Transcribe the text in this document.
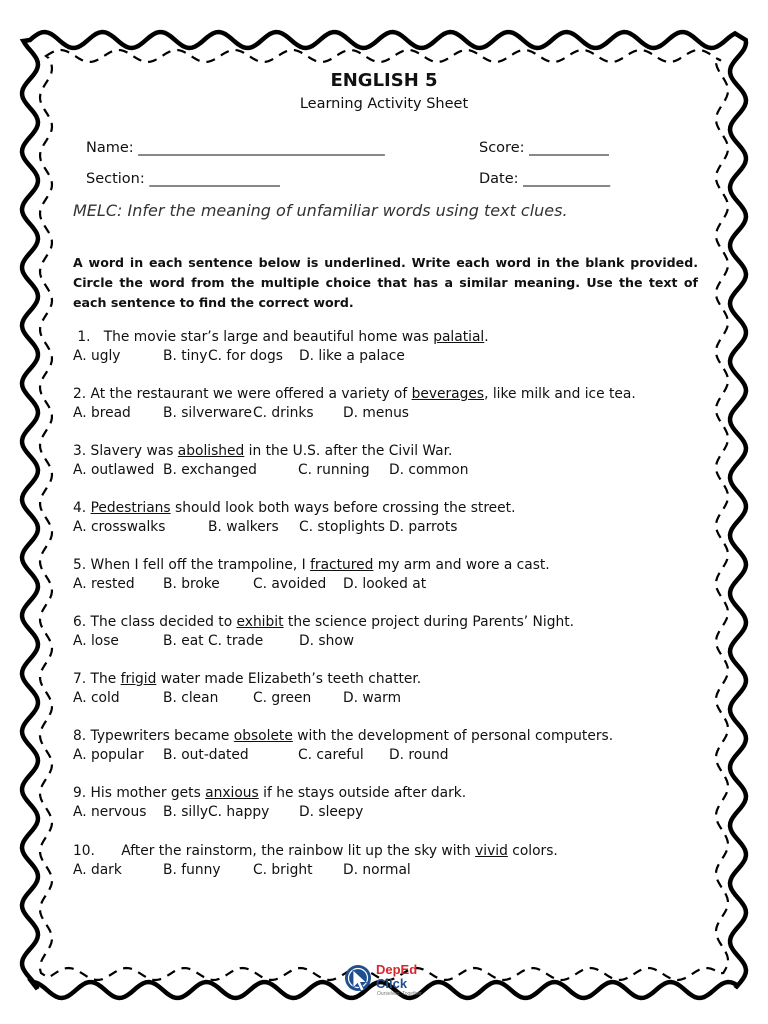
ENGLISH 5
Learning Activity Sheet
Name: __________________________________	Score: ___________
Section: __________________	Date: ____________
MELC: Infer the meaning of unfamiliar words using text clues.
A word in each sentence below is underlined. Write each word in the blank provided. Circle the word from the multiple choice that has a similar meaning. Use the text of each sentence to find the correct word.
1.   The movie star’s large and beautiful home was palatial.
A. ugly	B. tiny C. for dogs D. like a palace
2. At the restaurant we were offered a variety of beverages, like milk and ice tea.
A. bread B. silverware C. drinks D. menus
3. Slavery was abolished in the U.S. after the Civil War.
A. outlawed B. exchanged	C. running D. common
4. Pedestrians should look both ways before crossing the street.
A. crosswalks	B. walkers C. stoplights D. parrots
5. When I fell off the trampoline, I fractured my arm and wore a cast.
A. rested B. broke C. avoided D. looked at
6. The class decided to exhibit the science project during Parents’ Night.
A. lose	B. eat C. trade	D. show
7. The frigid water made Elizabeth’s teeth chatter.
A. cold	B. clean	C. green D. warm
8. Typewriters became obsolete with the development of personal computers.
A. popular B. out-dated	C. careful D. round
9. His mother gets anxious if he stays outside after dark.
A. nervous B. silly C. happy D. sleepy
10.      After the rainstorm, the rainbow lit up the sky with vivid colors.
A. dark	B. funny C. bright D. normal
DepEd
Click
Ourselves. Together.
